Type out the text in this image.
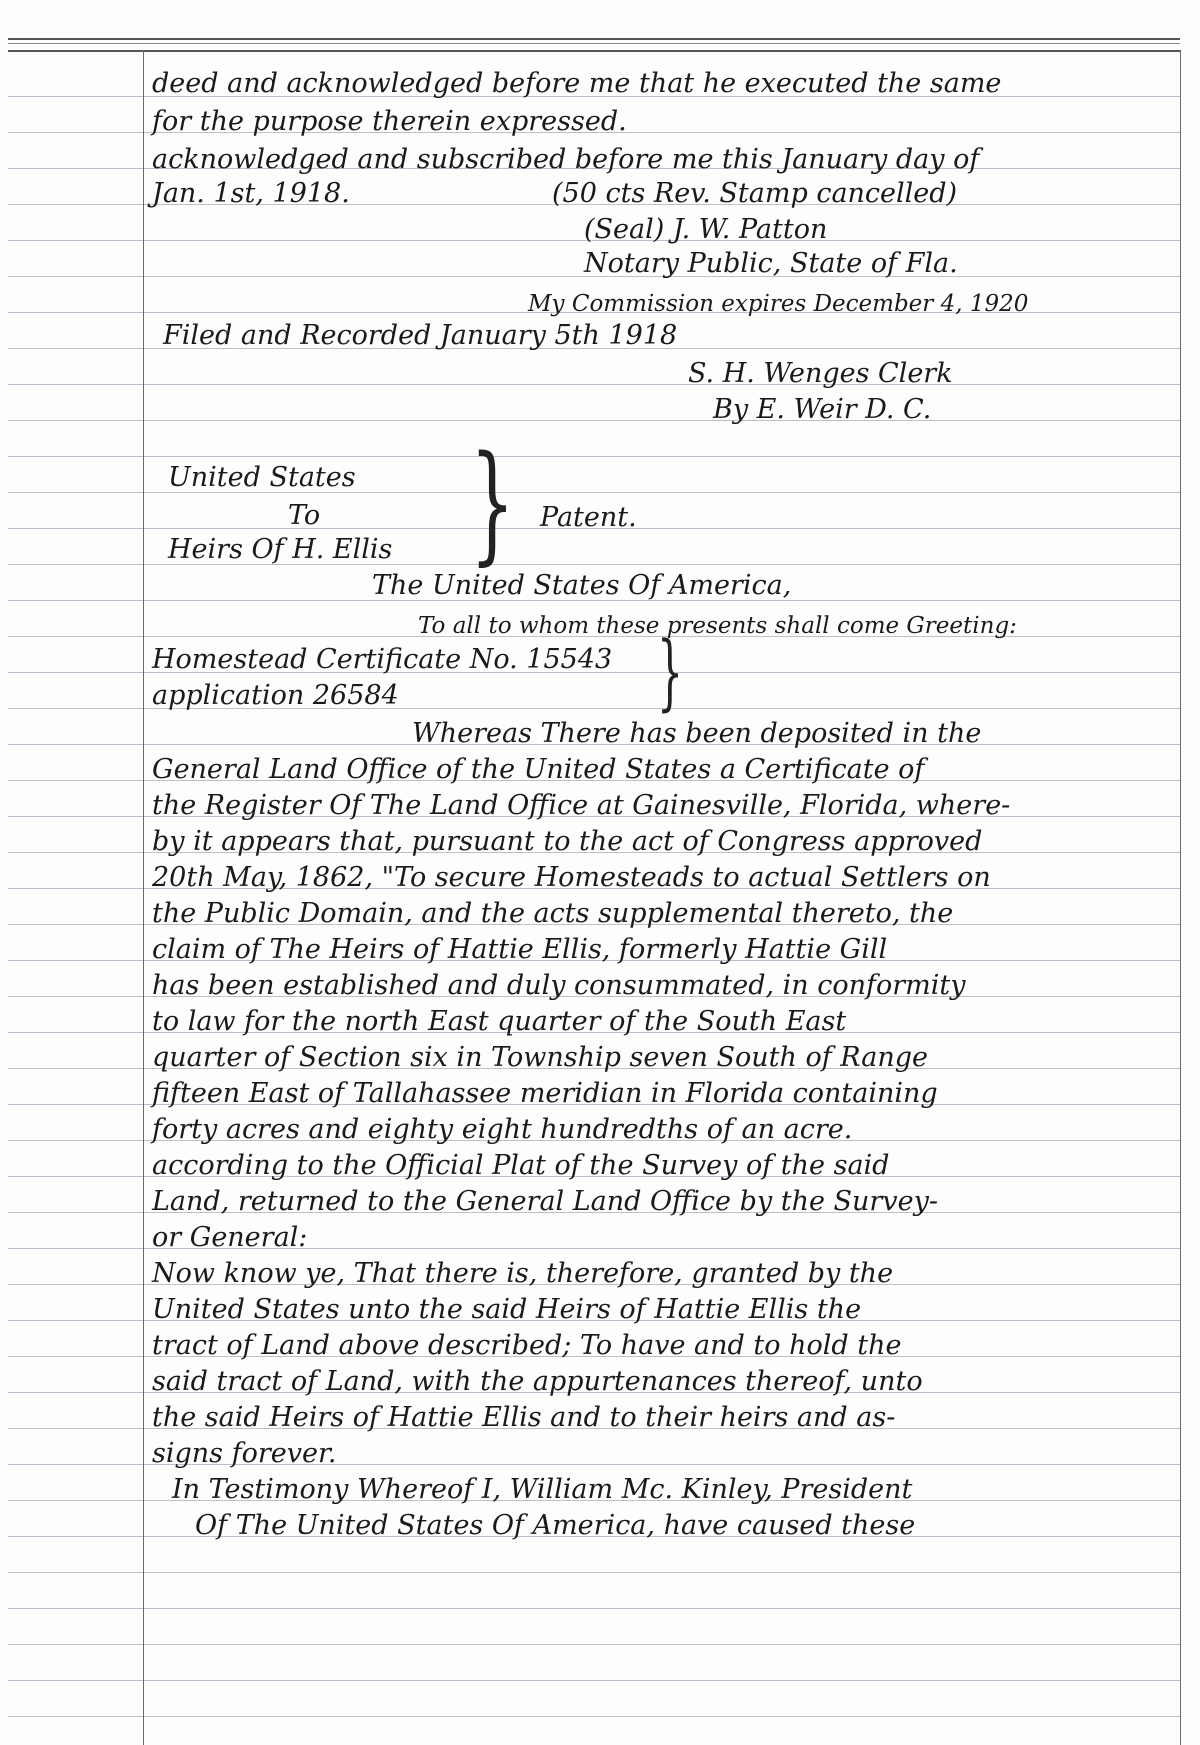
deed and acknowledged before me that he executed the same
for the purpose therein expressed.
acknowledged and subscribed before me this January day of
Jan. 1st, 1918.	(50 cts Rev. Stamp cancelled)
(Seal) J. W. Patton
Notary Public, State of Fla.
My Commission expires December 4, 1920
Filed and Recorded January 5th 1918
S. H. Wenges Clerk
By E. Weir D. C.
United States
To
Heirs Of H. Ellis } Patent.
The United States Of America,
To all to whom these presents shall come Greeting:
Homestead Certificate No. 15543
application 26584	}
Whereas There has been deposited in the
General Land Office of the United States a Certificate of
the Register Of The Land Office at Gainesville, Florida, where-
by it appears that, pursuant to the act of Congress approved
20th May, 1862, "To secure Homesteads to actual Settlers on
the Public Domain, and the acts supplemental thereto, the
claim of The Heirs of Hattie Ellis, formerly Hattie Gill
has been established and duly consummated, in conformity
to law for the north East quarter of the South East
quarter of Section six in Township seven South of Range
fifteen East of Tallahassee meridian in Florida containing
forty acres and eighty eight hundredths of an acre.
according to the Official Plat of the Survey of the said
Land, returned to the General Land Office by the Survey-
or General:
Now know ye, That there is, therefore, granted by the
United States unto the said Heirs of Hattie Ellis the
tract of Land above described; To have and to hold the
said tract of Land, with the appurtenances thereof, unto
the said Heirs of Hattie Ellis and to their heirs and as-
signs forever.
In Testimony Whereof I, William Mc. Kinley, President
Of The United States Of America, have caused these
